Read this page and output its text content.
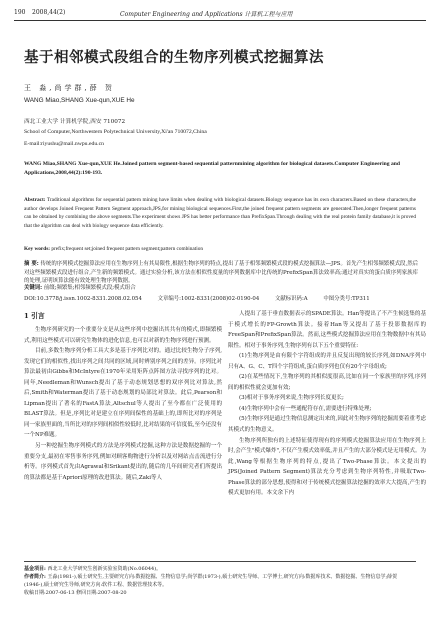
190 2008,44(2)	Computer Engineering and Applications 计算机工程与应用
基于相邻模式段组合的生物序列模式挖掘算法
王 淼,尚学群,薛 贺
WANG Miao,SHANG Xue-qun,XUE He
西北工业大学 计算机学院,西安 710072
School of Computer,Northwestern Polytechnical University,Xi'an 710072,China
E-mail:riyushu@mail.nwpu.edu.cn
WANG Miao,SHANG Xue-qun,XUE He.Joined pattern segment-based sequential patternmining algorithm for biological datasets.Computer Engineering and Applications,2008,44(2):190-193.
Abstract: Traditional algorithms for sequential pattern mining have limits when dealing with biological datasets.Biology sequence has its own characters.Based on these characters,the author develops Joined Frequent Pattern Segment approach,JPS,for mining biological sequences.First,the joined frequent pattern segments are generated.Then,longer frequent patterns can be obtained by combining the above segments.The experiment shows JPS has better performance than PrefixSpan.Through dealing with the real protein family database,it is proved that the algorithm can deal with biology sequence data efficiently.
Key words: prefix;frequent set;joined frequent pattern segment;pattern combination
摘 要: 传统的序列模式挖掘算法应用在生物序列上有其局限性,根据生物序列的特点,提出了基于相邻频繁模式段的模式挖掘算法—JPS。首先产生相邻频繁模式段,然后对这些频繁模式段进行组合,产生新的频繁模式。通过实验分析,该方法在相似性度量的序列数据库中比传统的PrefixSpan算法效率高;通过对真实的蛋白质序列家族库的处理,证明该算法能有效处理生物序列数据。
关键词: 前缀;频繁集;相邻频繁模式段;模式组合
DOI:10.3778/j.issn.1002-8331.2008.02.054	文章编号:1002-8331(2008)02-0190-04	文献标识码:A	中图分类号:TP311

1 引言

生物序列研究的一个重要分支是从这些序列中挖掘出其共有的模式,即频繁模式,利用这些模式可以研究生物体的进化信息,也可以对新的生物序列进行预测。

目前,多数生物序列分析工具大多是基于序列比对的。通过比较生物分子序列,发现它们的相似性,找出序列之间共同的区域,同时辨别序列之间的差异。序列比对算法最初由Gibbs和McIntyre在1970年采用矩阵点阵图方法寻找序列的比对。同年,Needleman和Wunsch提出了基于动态规划思想的双序列比对算法,然后,Smith和Waterman提出了基于动态规划的局部比对算法。此后,Pearson和Lipman提出了著名的FastA算法,Altschul等人提出了至今都在广泛使用的BLAST算法。但是,序列比对是建立在序列间保性的基础上的,即所比对的序列是同一家族里面的,当所比对的序列间相似性较低时,比对结果的可信度低,至今还没有一个NP难题。

另一种挖掘生物序列模式的方法是序列模式挖掘,这种方法是数据挖掘的一个重要分支,最初在零售事务序列,例如对顾客购物进行分析以及对网站点击流进行分析等。序列模式首先由Agrawal和Srikant提出的,随后的几年间研究者们所提出的算法都是基于Apriori原理的改进算法。随后,Zaki等人

人提出了基于垂直数据表示的SPADE算法。Han等提出了不产生候选集的基于模式增长的FP-Growth算法。接着Han等又提出了基于投影数据库的FreeSpan和PrefixSpan算法。然而,这些模式挖掘算法应用在生物数据中有其局限性。相对于事务序列,生物序列有以下五个重要特征:

(1)生物序列是由有限个字符组成的并且反复出现的较长序列,如DNA序列中只有A、G、C、T四个字符组成,蛋白质序列也仅有20个字母组成;

(2)在某些情况下,生物序列的其相似度很高,比如在同一个家族里的序列,序列间的相似性就会更加有效;

(3)相对于事务序列来说,生物序列长度更长;

(4)生物序列中会有一些通配符存在,需要进行特殊处理;

(5)生物序列是通过生物信息测定出来的,因此对生物序列的挖掘需要着重考虑其模式的生物意义。

生物序列所独有的上述特征使得现有的序列模式挖掘算法应用在生物序列上时,会产生"模式爆炸",不仅产生模式效率低,并且产生的大部分模式是无用模式。为此,Wang等根据生物序列的特点,提出了Two-Phase算法。本文提出的JPS(Joined Pattern Segment)算法充分考虑到生物序列特性,并吸取Two-Phase算法的部分思想,使得和对于传统模式挖掘算法挖掘的效率大大提高,产生的模式更加有用。本文余下内

基金项目: 西北工业大学研究生创新实验室资助(No.06044)。
作者简介: 王淼(1981-),硕士研究生,主要研究方向:数据挖掘、生物信息学;尚学群(1973-),硕士研究生导师、工学博士,研究方向:数据库技术、数据挖掘、生物信息学;薛贺(1946-),硕士研究生导师,研究方向:软件工程、数据管理技术等。
收稿日期:2007-06-13 修回日期:2007-08-20
